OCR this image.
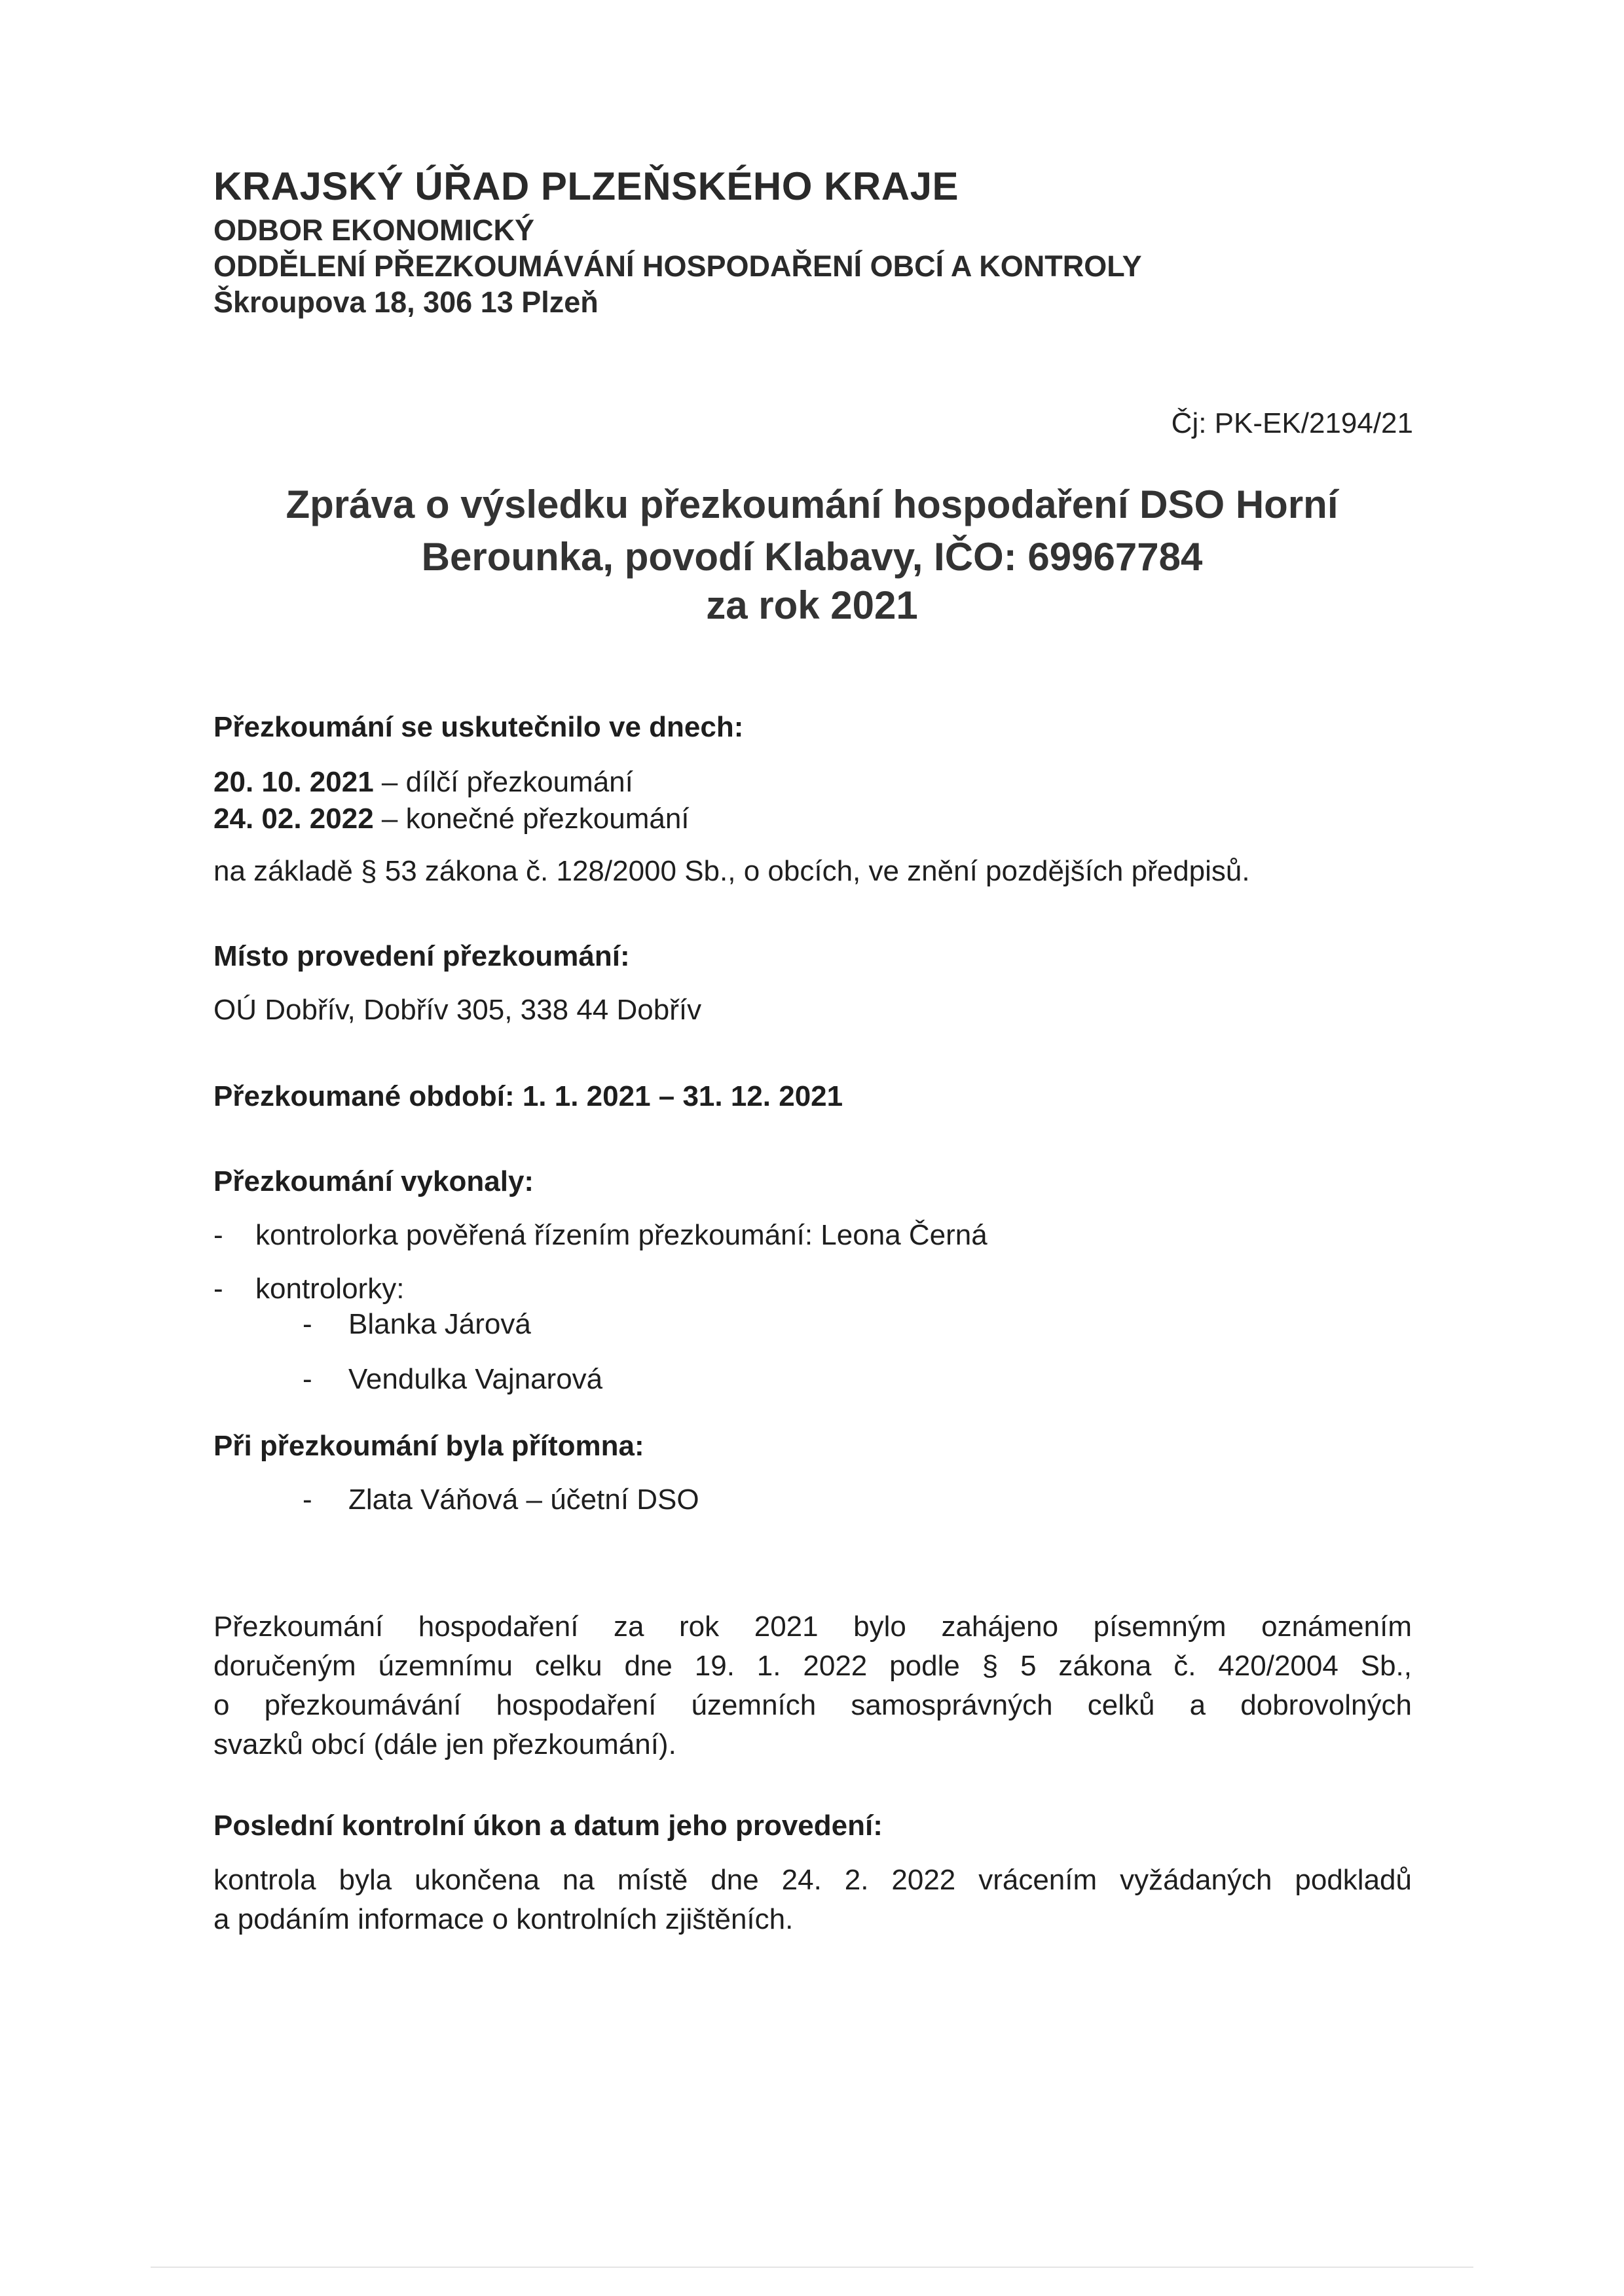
KRAJSKÝ ÚŘAD PLZEŇSKÉHO KRAJE
ODBOR EKONOMICKÝ
ODDĚLENÍ PŘEZKOUMÁVÁNÍ HOSPODAŘENÍ OBCÍ A KONTROLY
Škroupova 18, 306 13 Plzeň
Čj: PK-EK/2194/21
Zpráva o výsledku přezkoumání hospodaření DSO Horní
Berounka, povodí Klabavy, IČO: 69967784
za rok 2021
Přezkoumání se uskutečnilo ve dnech:
20. 10. 2021 – dílčí přezkoumání
24. 02. 2022 – konečné přezkoumání
na základě § 53 zákona č. 128/2000 Sb., o obcích, ve znění pozdějších předpisů.
Místo provedení přezkoumání:
OÚ Dobřív, Dobřív 305, 338 44 Dobřív
Přezkoumané období: 1. 1. 2021 – 31. 12. 2021
Přezkoumání vykonaly:
- kontrolorka pověřená řízením přezkoumání: Leona Černá
- kontrolorky:
- Blanka Járová
- Vendulka Vajnarová
Při přezkoumání byla přítomna:
- Zlata Váňová – účetní DSO
Přezkoumání hospodaření za rok 2021 bylo zahájeno písemným oznámením
doručeným územnímu celku dne 19. 1. 2022 podle § 5 zákona č. 420/2004 Sb.,
o přezkoumávání hospodaření územních samosprávných celků a dobrovolných
svazků obcí (dále jen přezkoumání).
Poslední kontrolní úkon a datum jeho provedení:
kontrola byla ukončena na místě dne 24. 2. 2022 vrácením vyžádaných podkladů
a podáním informace o kontrolních zjištěních.
